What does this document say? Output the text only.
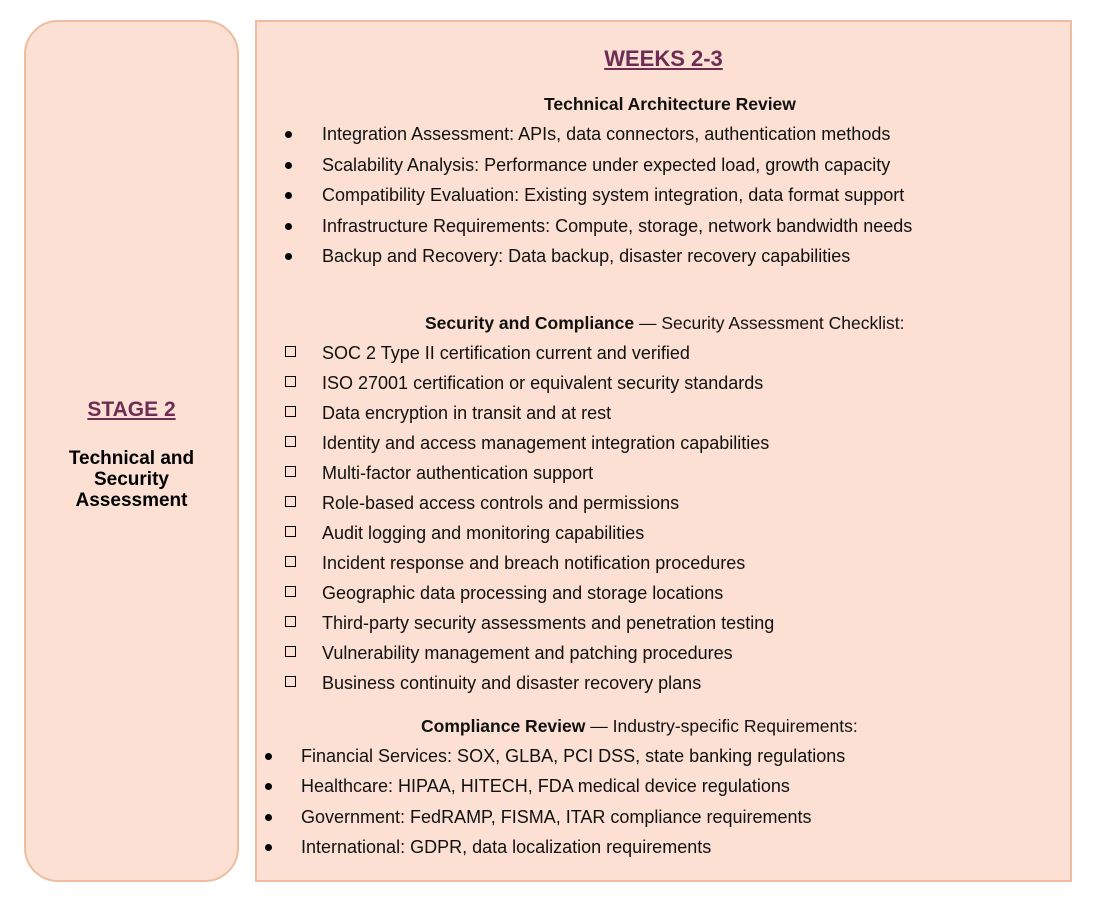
STAGE 2
Technical and Security Assessment
WEEKS 2-3
Technical Architecture Review
Integration Assessment: APIs, data connectors, authentication methods
Scalability Analysis: Performance under expected load, growth capacity
Compatibility Evaluation: Existing system integration, data format support
Infrastructure Requirements: Compute, storage, network bandwidth needs
Backup and Recovery: Data backup, disaster recovery capabilities
Security and Compliance — Security Assessment Checklist:
SOC 2 Type II certification current and verified
ISO 27001 certification or equivalent security standards
Data encryption in transit and at rest
Identity and access management integration capabilities
Multi-factor authentication support
Role-based access controls and permissions
Audit logging and monitoring capabilities
Incident response and breach notification procedures
Geographic data processing and storage locations
Third-party security assessments and penetration testing
Vulnerability management and patching procedures
Business continuity and disaster recovery plans
Compliance Review — Industry-specific Requirements:
Financial Services: SOX, GLBA, PCI DSS, state banking regulations
Healthcare: HIPAA, HITECH, FDA medical device regulations
Government: FedRAMP, FISMA, ITAR compliance requirements
International: GDPR, data localization requirements
